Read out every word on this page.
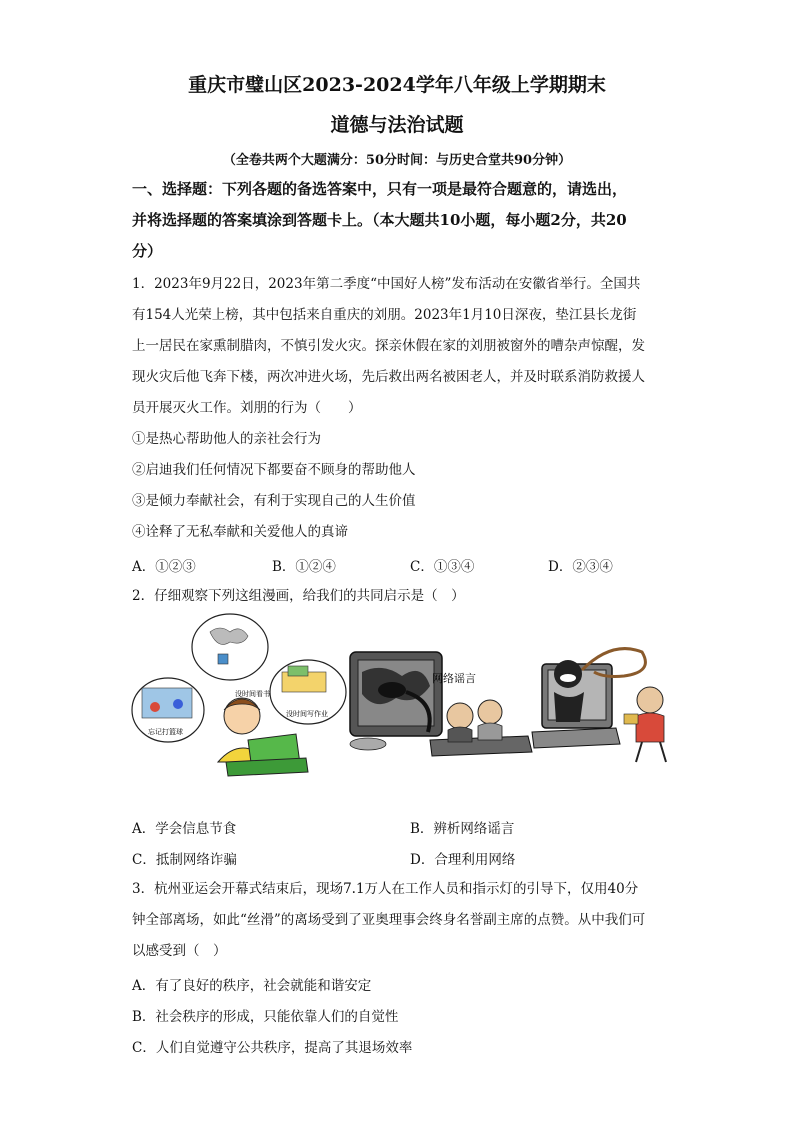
重庆市璧山区2023-2024学年八年级上学期期末
道德与法治试题
（全卷共两个大题满分：50分时间：与历史合堂共90分钟）
一、选择题：下列各题的备选答案中，只有一项是最符合题意的，请选出，
并将选择题的答案填涂到答题卡上。（本大题共10小题，每小题2分，共20
分）
1．2023年9月22日，2023年第二季度“中国好人榜”发布活动在安徽省举行。全国共
有154人光荣上榜，其中包括来自重庆的刘朋。2023年1月10日深夜，垫江县长龙街
上一居民在家熏制腊肉，不慎引发火灾。探亲休假在家的刘朋被窗外的嘈杂声惊醒，发
现火灾后他飞奔下楼，两次冲进火场，先后救出两名被困老人，并及时联系消防救援人
员开展灭火工作。刘朋的行为（　　）
①是热心帮助他人的亲社会行为
②启迪我们任何情况下都要奋不顾身的帮助他人
③是倾力奉献社会，有利于实现自己的人生价值
④诠释了无私奉献和关爱他人的真谛
A．①②③	B．①②④	C．①③④	D．②③④
2．仔细观察下列这组漫画，给我们的共同启示是（　）
没时间看书
忘记打篮球
没时间写作业
网络谣言
A．学会信息节食	B．辨析网络谣言
C．抵制网络诈骗	D．合理利用网络
3．杭州亚运会开幕式结束后，现场7.1万人在工作人员和指示灯的引导下，仅用40分
钟全部离场，如此“丝滑”的离场受到了亚奥理事会终身名誉副主席的点赞。从中我们可
以感受到（　）
A．有了良好的秩序，社会就能和谐安定
B．社会秩序的形成，只能依靠人们的自觉性
C．人们自觉遵守公共秩序，提高了其退场效率
